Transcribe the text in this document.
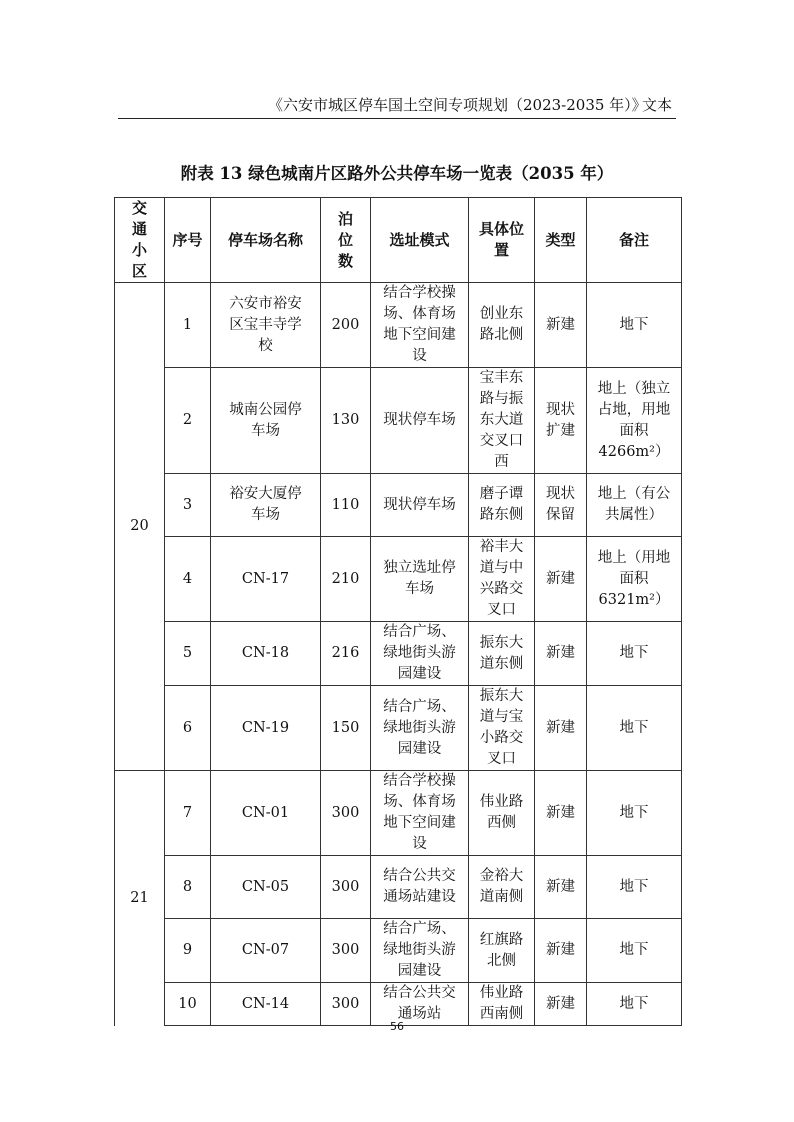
《六安市城区停车国土空间专项规划（2023-2035 年）》
文本
附表 13 绿色城南片区路外公共停车场一览表（2035 年）
交通小区	序号	停车场名称	泊位数	选址模式	具体位置	类型	备注
20	1	六安市裕安区宝丰寺学校	200	结合学校操场、体育场地下空间建设	创业东路北侧	新建	地下
	2	城南公园停车场	130	现状停车场	宝丰东路与振东大道交叉口西	现状扩建	地上（独立占地，用地面积4266m²）
	3	裕安大厦停车场	110	现状停车场	磨子谭路东侧	现状保留	地上（有公共属性）
	4	CN-17	210	独立选址停车场	裕丰大道与中兴路交叉口	新建	地上（用地面积6321m²）
	5	CN-18	216	结合广场、绿地街头游园建设	振东大道东侧	新建	地下
	6	CN-19	150	结合广场、绿地街头游园建设	振东大道与宝小路交叉口	新建	地下
21	7	CN-01	300	结合学校操场、体育场地下空间建设	伟业路西侧	新建	地下
	8	CN-05	300	结合公共交通场站建设	金裕大道南侧	新建	地下
	9	CN-07	300	结合广场、绿地街头游园建设	红旗路北侧	新建	地下
	10	CN-14	300	结合公共交通场站	伟业路西南侧	新建	地下
56
